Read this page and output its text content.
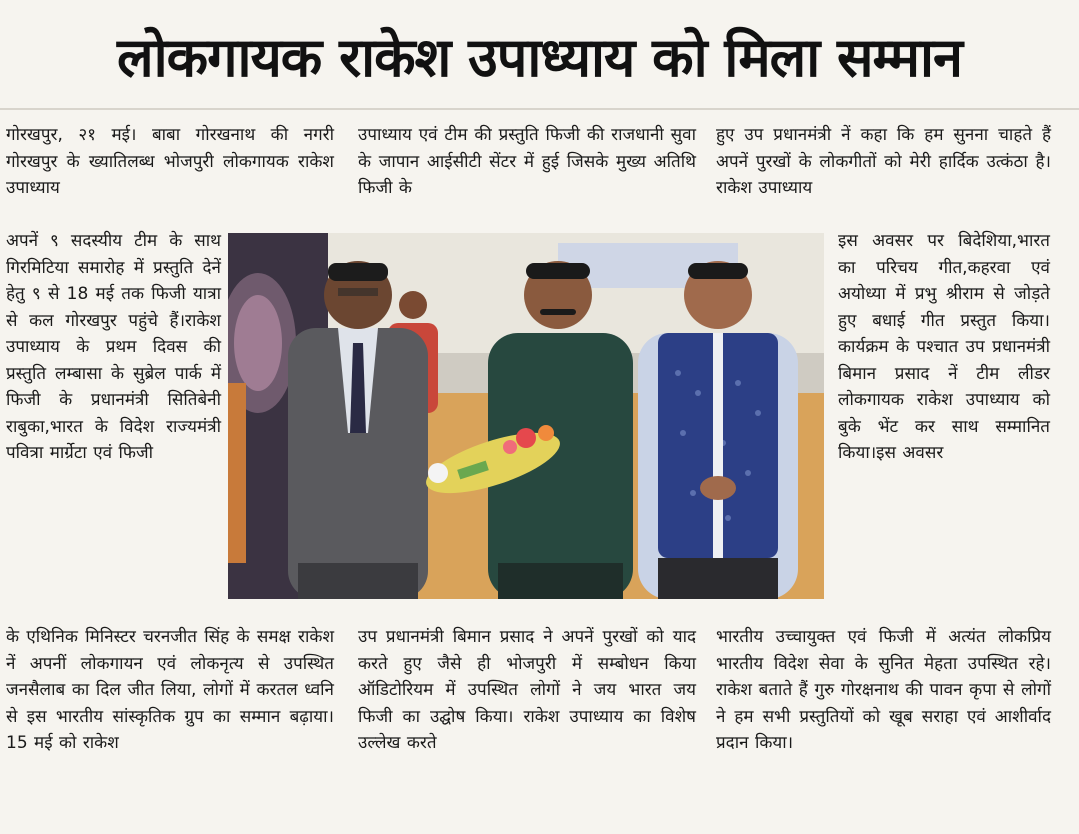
लोकगायक राकेश उपाध्याय को मिला सम्मान

गोरखपुर, २१ मई। बाबा गोरखनाथ की नगरी गोरखपुर के ख्यातिलब्ध भोजपुरी लोकगायक राकेश उपाध्याय

अपनें ९ सदस्यीय टीम के साथ गिरमिटिया समारोह में प्रस्तुति देनें हेतु ९ से 18 मई तक फिजी यात्रा से कल गोरखपुर पहुंचे हैं।राकेश उपाध्याय के प्रथम दिवस की प्रस्तुति लम्बासा के सुब्रेल पार्क में फिजी के प्रधानमंत्री सितिबेनी राबुका,भारत के विदेश राज्यमंत्री पवित्रा मार्ग्रेटा एवं फिजी

के एथिनिक मिनिस्टर चरनजीत सिंह के समक्ष राकेश नें अपनीं लोकगायन एवं लोकनृत्य से उपस्थित जनसैलाब का दिल जीत लिया, लोगों में करतल ध्वनि से इस भारतीय सांस्कृतिक ग्रुप का सम्मान बढ़ाया। 15 मई को राकेश

उपाध्याय एवं टीम की प्रस्तुति फिजी की राजधानी सुवा के जापान आईसीटी सेंटर में हुई जिसके मुख्य अतिथि फिजी के

उप प्रधानमंत्री बिमान प्रसाद ने अपनें पुरखों को याद करते हुए जैसे ही भोजपुरी में सम्बोधन किया ऑडिटोरियम में उपस्थित लोगों ने जय भारत जय फिजी का उद्घोष किया। राकेश उपाध्याय का विशेष उल्लेख करते

हुए उप प्रधानमंत्री नें कहा कि हम सुनना चाहते हैं अपनें पुरखों के लोकगीतों को मेरी हार्दिक उत्कंठा है। राकेश उपाध्याय

इस अवसर पर बिदेशिया,भारत का परिचय गीत,कहरवा एवं अयोध्या में प्रभु श्रीराम से जोड़ते हुए बधाई गीत प्रस्तुत किया।कार्यक्रम के पश्चात उप प्रधानमंत्री बिमान प्रसाद नें टीम लीडर लोकगायक राकेश उपाध्याय को बुके भेंट कर साथ सम्मानित किया।इस अवसर

भारतीय उच्चायुक्त एवं फिजी में अत्यंत लोकप्रिय भारतीय विदेश सेवा के सुनित मेहता उपस्थित रहे। राकेश बताते हैं गुरु गोरक्षनाथ की पावन कृपा से लोगों ने हम सभी प्रस्तुतियों को खूब सराहा एवं आशीर्वाद प्रदान किया।
